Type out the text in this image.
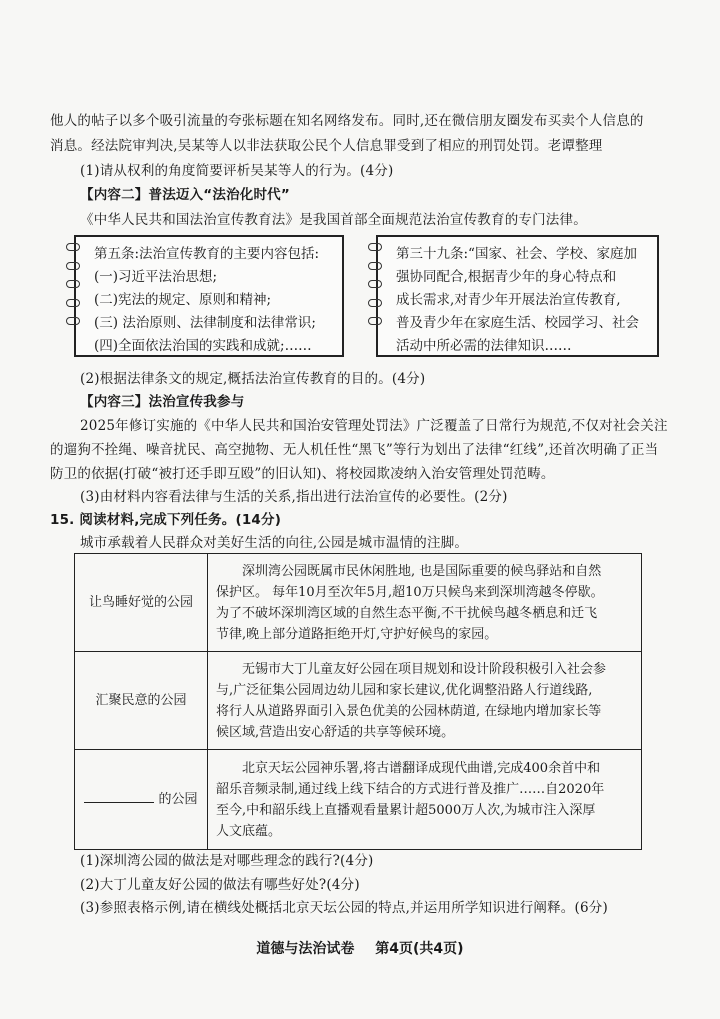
他人的帖子以多个吸引流量的夸张标题在知名网络发布。同时,还在微信朋友圈发布买卖个人信息的
消息。经法院审判决,吴某等人以非法获取公民个人信息罪受到了相应的刑罚处罚。老谭整理
(1)请从权利的角度简要评析吴某等人的行为。(4分)
【内容二】普法迈入“法治化时代”
《中华人民共和国法治宣传教育法》是我国首部全面规范法治宣传教育的专门法律。
第五条:法治宣传教育的主要内容包括:
(一)习近平法治思想;
(二)宪法的规定、原则和精神;
(三) 法治原则、法律制度和法律常识;
(四)全面依法治国的实践和成就;……
第三十九条:“国家、社会、学校、家庭加
强协同配合,根据青少年的身心特点和
成长需求,对青少年开展法治宣传教育,
普及青少年在家庭生活、校园学习、社会
活动中所必需的法律知识……
(2)根据法律条文的规定,概括法治宣传教育的目的。(4分)
【内容三】法治宣传我参与
2025年修订实施的《中华人民共和国治安管理处罚法》广泛覆盖了日常行为规范,不仅对社会关注
的遛狗不拴绳、噪音扰民、高空抛物、无人机任性“黑飞”等行为划出了法律“红线”,还首次明确了正当
防卫的依据(打破“被打还手即互殴”的旧认知)、将校园欺凌纳入治安管理处罚范畴。
(3)由材料内容看法律与生活的关系,指出进行法治宣传的必要性。(2分)
15. 阅读材料,完成下列任务。(14分)
城市承载着人民群众对美好生活的向往,公园是城市温情的注脚。
让鸟睡好觉的公园	　　深圳湾公园既属市民休闲胜地, 也是国际重要的候鸟驿站和自然
保护区。 每年10月至次年5月,超10万只候鸟来到深圳湾越冬停歇。
为了不破坏深圳湾区域的自然生态平衡,不干扰候鸟越冬栖息和迁飞
节律,晚上部分道路拒绝开灯,守护好候鸟的家园。

汇聚民意的公园	　　无锡市大丁儿童友好公园在项目规划和设计阶段积极引入社会参
与,广泛征集公园周边幼儿园和家长建议,优化调整沿路人行道线路,
将行人从道路界面引入景色优美的公园林荫道, 在绿地内增加家长等
候区域,营造出安心舒适的共享等候环境。

的公园	　　北京天坛公园神乐署,将古谱翻译成现代曲谱,完成400余首中和
韶乐音频录制,通过线上线下结合的方式进行普及推广……自2020年
至今,中和韶乐线上直播观看量累计超5000万人次,为城市注入深厚
人文底蕴。
(1)深圳湾公园的做法是对哪些理念的践行?(4分)
(2)大丁儿童友好公园的做法有哪些好处?(4分)
(3)参照表格示例,请在横线处概括北京天坛公园的特点,并运用所学知识进行阐释。(6分)
道德与法治试卷 第4页(共4页)
